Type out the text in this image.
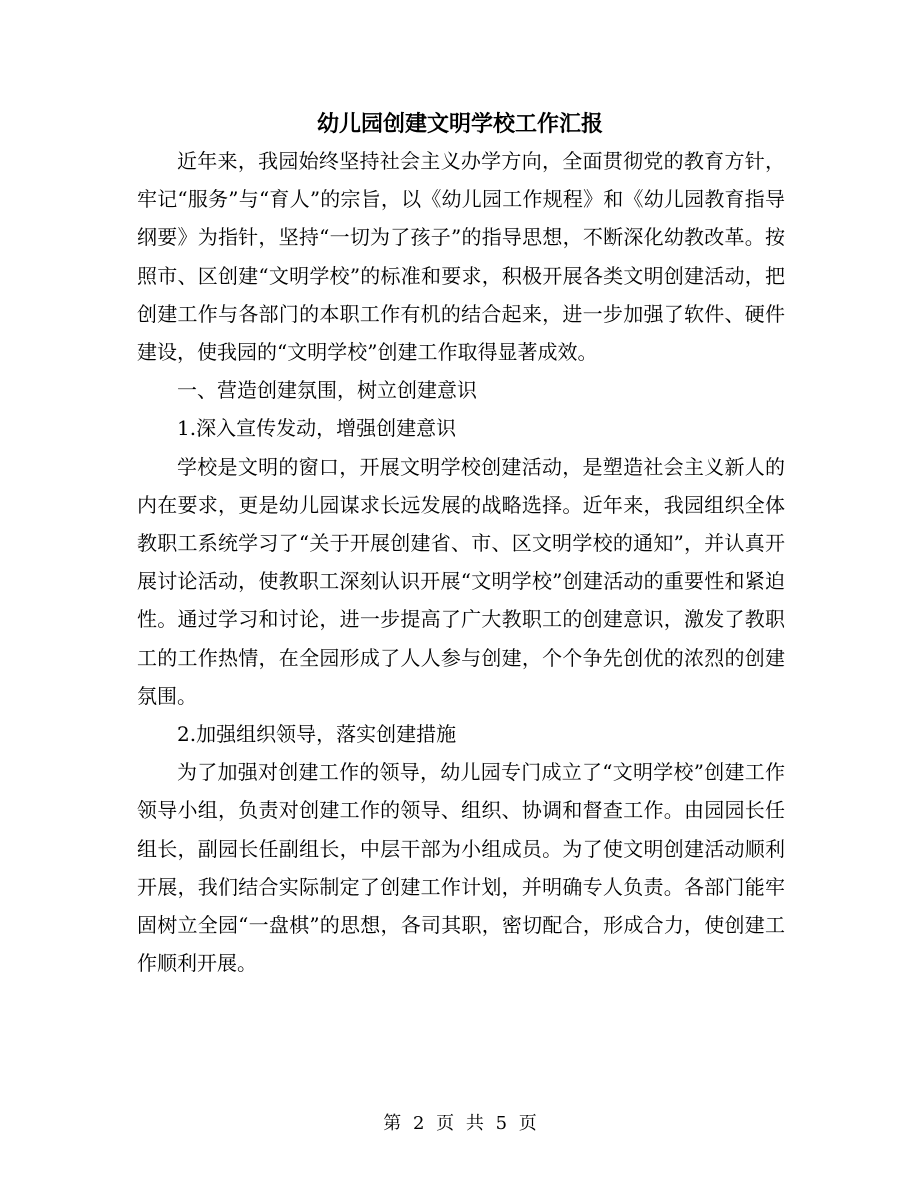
幼儿园创建文明学校工作汇报

近年来，我园始终坚持社会主义办学方向，全面贯彻党的教育方针，牢记“服务”与“育人”的宗旨，以《幼儿园工作规程》和《幼儿园教育指导纲要》为指针，坚持“一切为了孩子”的指导思想，不断深化幼教改革。按照市、区创建“文明学校”的标准和要求，积极开展各类文明创建活动，把创建工作与各部门的本职工作有机的结合起来，进一步加强了软件、硬件建设，使我园的“文明学校”创建工作取得显著成效。

一、营造创建氛围，树立创建意识

1.深入宣传发动，增强创建意识

学校是文明的窗口，开展文明学校创建活动，是塑造社会主义新人的内在要求，更是幼儿园谋求长远发展的战略选择。近年来，我园组织全体教职工系统学习了“关于开展创建省、市、区文明学校的通知”，并认真开展讨论活动，使教职工深刻认识开展“文明学校”创建活动的重要性和紧迫性。通过学习和讨论，进一步提高了广大教职工的创建意识，激发了教职工的工作热情，在全园形成了人人参与创建，个个争先创优的浓烈的创建氛围。

2.加强组织领导，落实创建措施

为了加强对创建工作的领导，幼儿园专门成立了“文明学校”创建工作领导小组，负责对创建工作的领导、组织、协调和督查工作。由园园长任组长，副园长任副组长，中层干部为小组成员。为了使文明创建活动顺利开展，我们结合实际制定了创建工作计划，并明确专人负责。各部门能牢固树立全园“一盘棋”的思想，各司其职，密切配合，形成合力，使创建工作顺利开展。

第 2 页 共 5 页
